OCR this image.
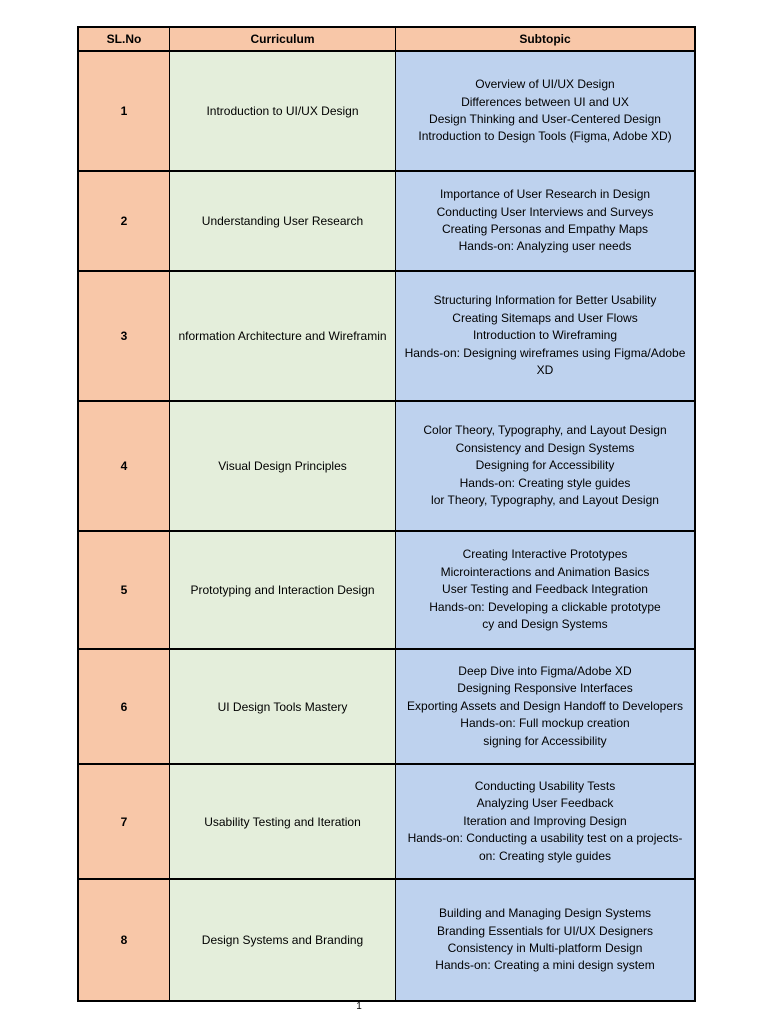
SL.No	Curriculum	Subtopic
1	Introduction to UI/UX Design
Overview of UI/UX Design
Differences between UI and UX
Design Thinking and User-Centered Design
Introduction to Design Tools (Figma, Adobe XD)
2	Understanding User Research
Importance of User Research in Design
Conducting User Interviews and Surveys
Creating Personas and Empathy Maps
Hands-on: Analyzing user needs
3	nformation Architecture and Wireframin
Structuring Information for Better Usability
Creating Sitemaps and User Flows
Introduction to Wireframing
Hands-on: Designing wireframes using Figma/Adobe
XD
4	Visual Design Principles
Color Theory, Typography, and Layout Design
Consistency and Design Systems
Designing for Accessibility
Hands-on: Creating style guides
lor Theory, Typography, and Layout Design
5	Prototyping and Interaction Design
Creating Interactive Prototypes
Microinteractions and Animation Basics
User Testing and Feedback Integration
Hands-on: Developing a clickable prototype
cy and Design Systems
6	UI Design Tools Mastery
Deep Dive into Figma/Adobe XD
Designing Responsive Interfaces
Exporting Assets and Design Handoff to Developers
Hands-on: Full mockup creation
signing for Accessibility
7	Usability Testing and Iteration
Conducting Usability Tests
Analyzing User Feedback
Iteration and Improving Design
Hands-on: Conducting a usability test on a projects-
on: Creating style guides
8	Design Systems and Branding
Building and Managing Design Systems
Branding Essentials for UI/UX Designers
Consistency in Multi-platform Design
Hands-on: Creating a mini design system
1
